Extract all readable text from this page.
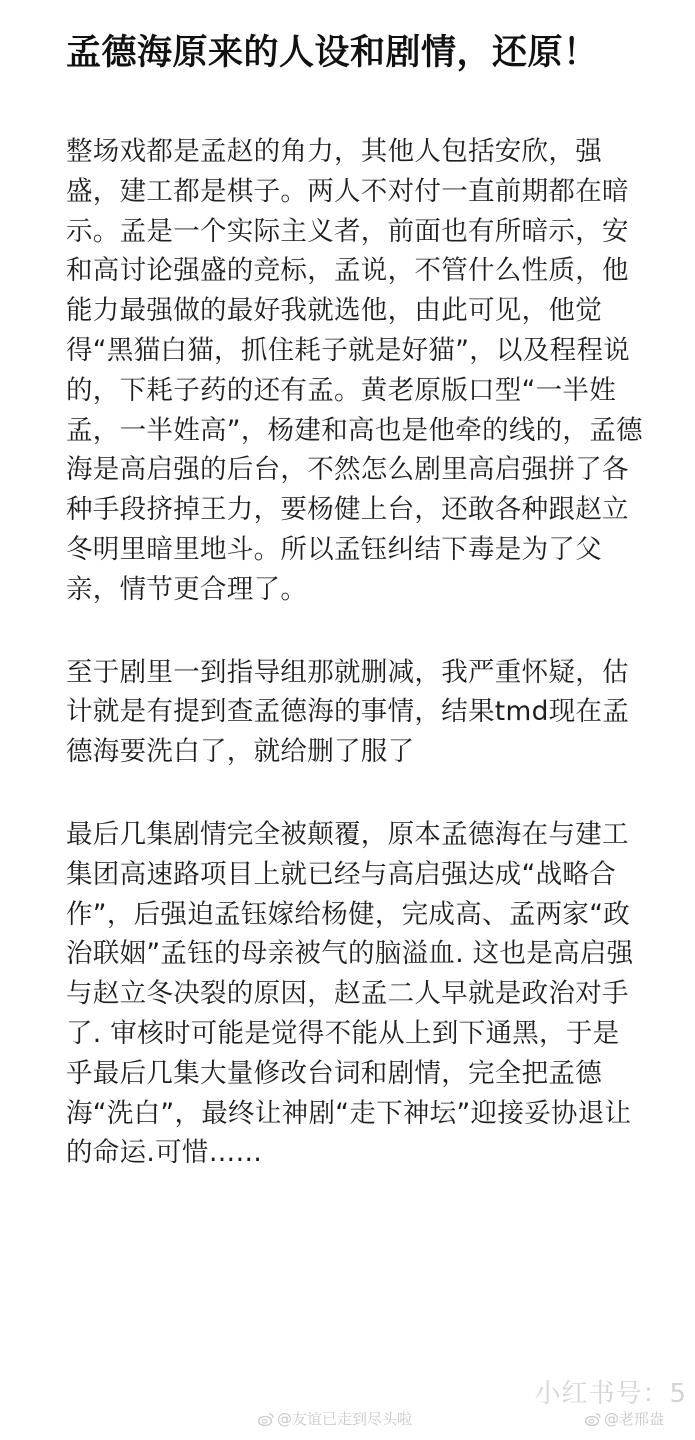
孟德海原来的人设和剧情，还原！

整场戏都是孟赵的角力，其他人包括安欣，强盛，建工都是棋子。两人不对付一直前期都在暗示。孟是一个实际主义者，前面也有所暗示，安和高讨论强盛的竞标，孟说，不管什么性质，他能力最强做的最好我就选他，由此可见，他觉得“黑猫白猫，抓住耗子就是好猫”，以及程程说的，下耗子药的还有孟。黄老原版口型“一半姓孟，一半姓高”，杨建和高也是他牵的线的，孟德海是高启强的后台，不然怎么剧里高启强拼了各种手段挤掉王力，要杨健上台，还敢各种跟赵立冬明里暗里地斗。所以孟钰纠结下毒是为了父亲，情节更合理了。

至于剧里一到指导组那就删减，我严重怀疑，估计就是有提到查孟德海的事情，结果tmd现在孟德海要洗白了，就给删了服了

最后几集剧情完全被颠覆，原本孟德海在与建工集团高速路项目上就已经与高启强达成“战略合作”，后强迫孟钰嫁给杨健，完成高、孟两家“政治联姻”孟钰的母亲被气的脑溢血. 这也是高启强与赵立冬决裂的原因，赵孟二人早就是政治对手了. 审核时可能是觉得不能从上到下通黑，于是乎最后几集大量修改台词和剧情，完全把孟德海“洗白”，最终让神剧“走下神坛”迎接妥协退让的命运.可惜……

小红书号：5
@友谊已走到尽头啦	@老邢盎
